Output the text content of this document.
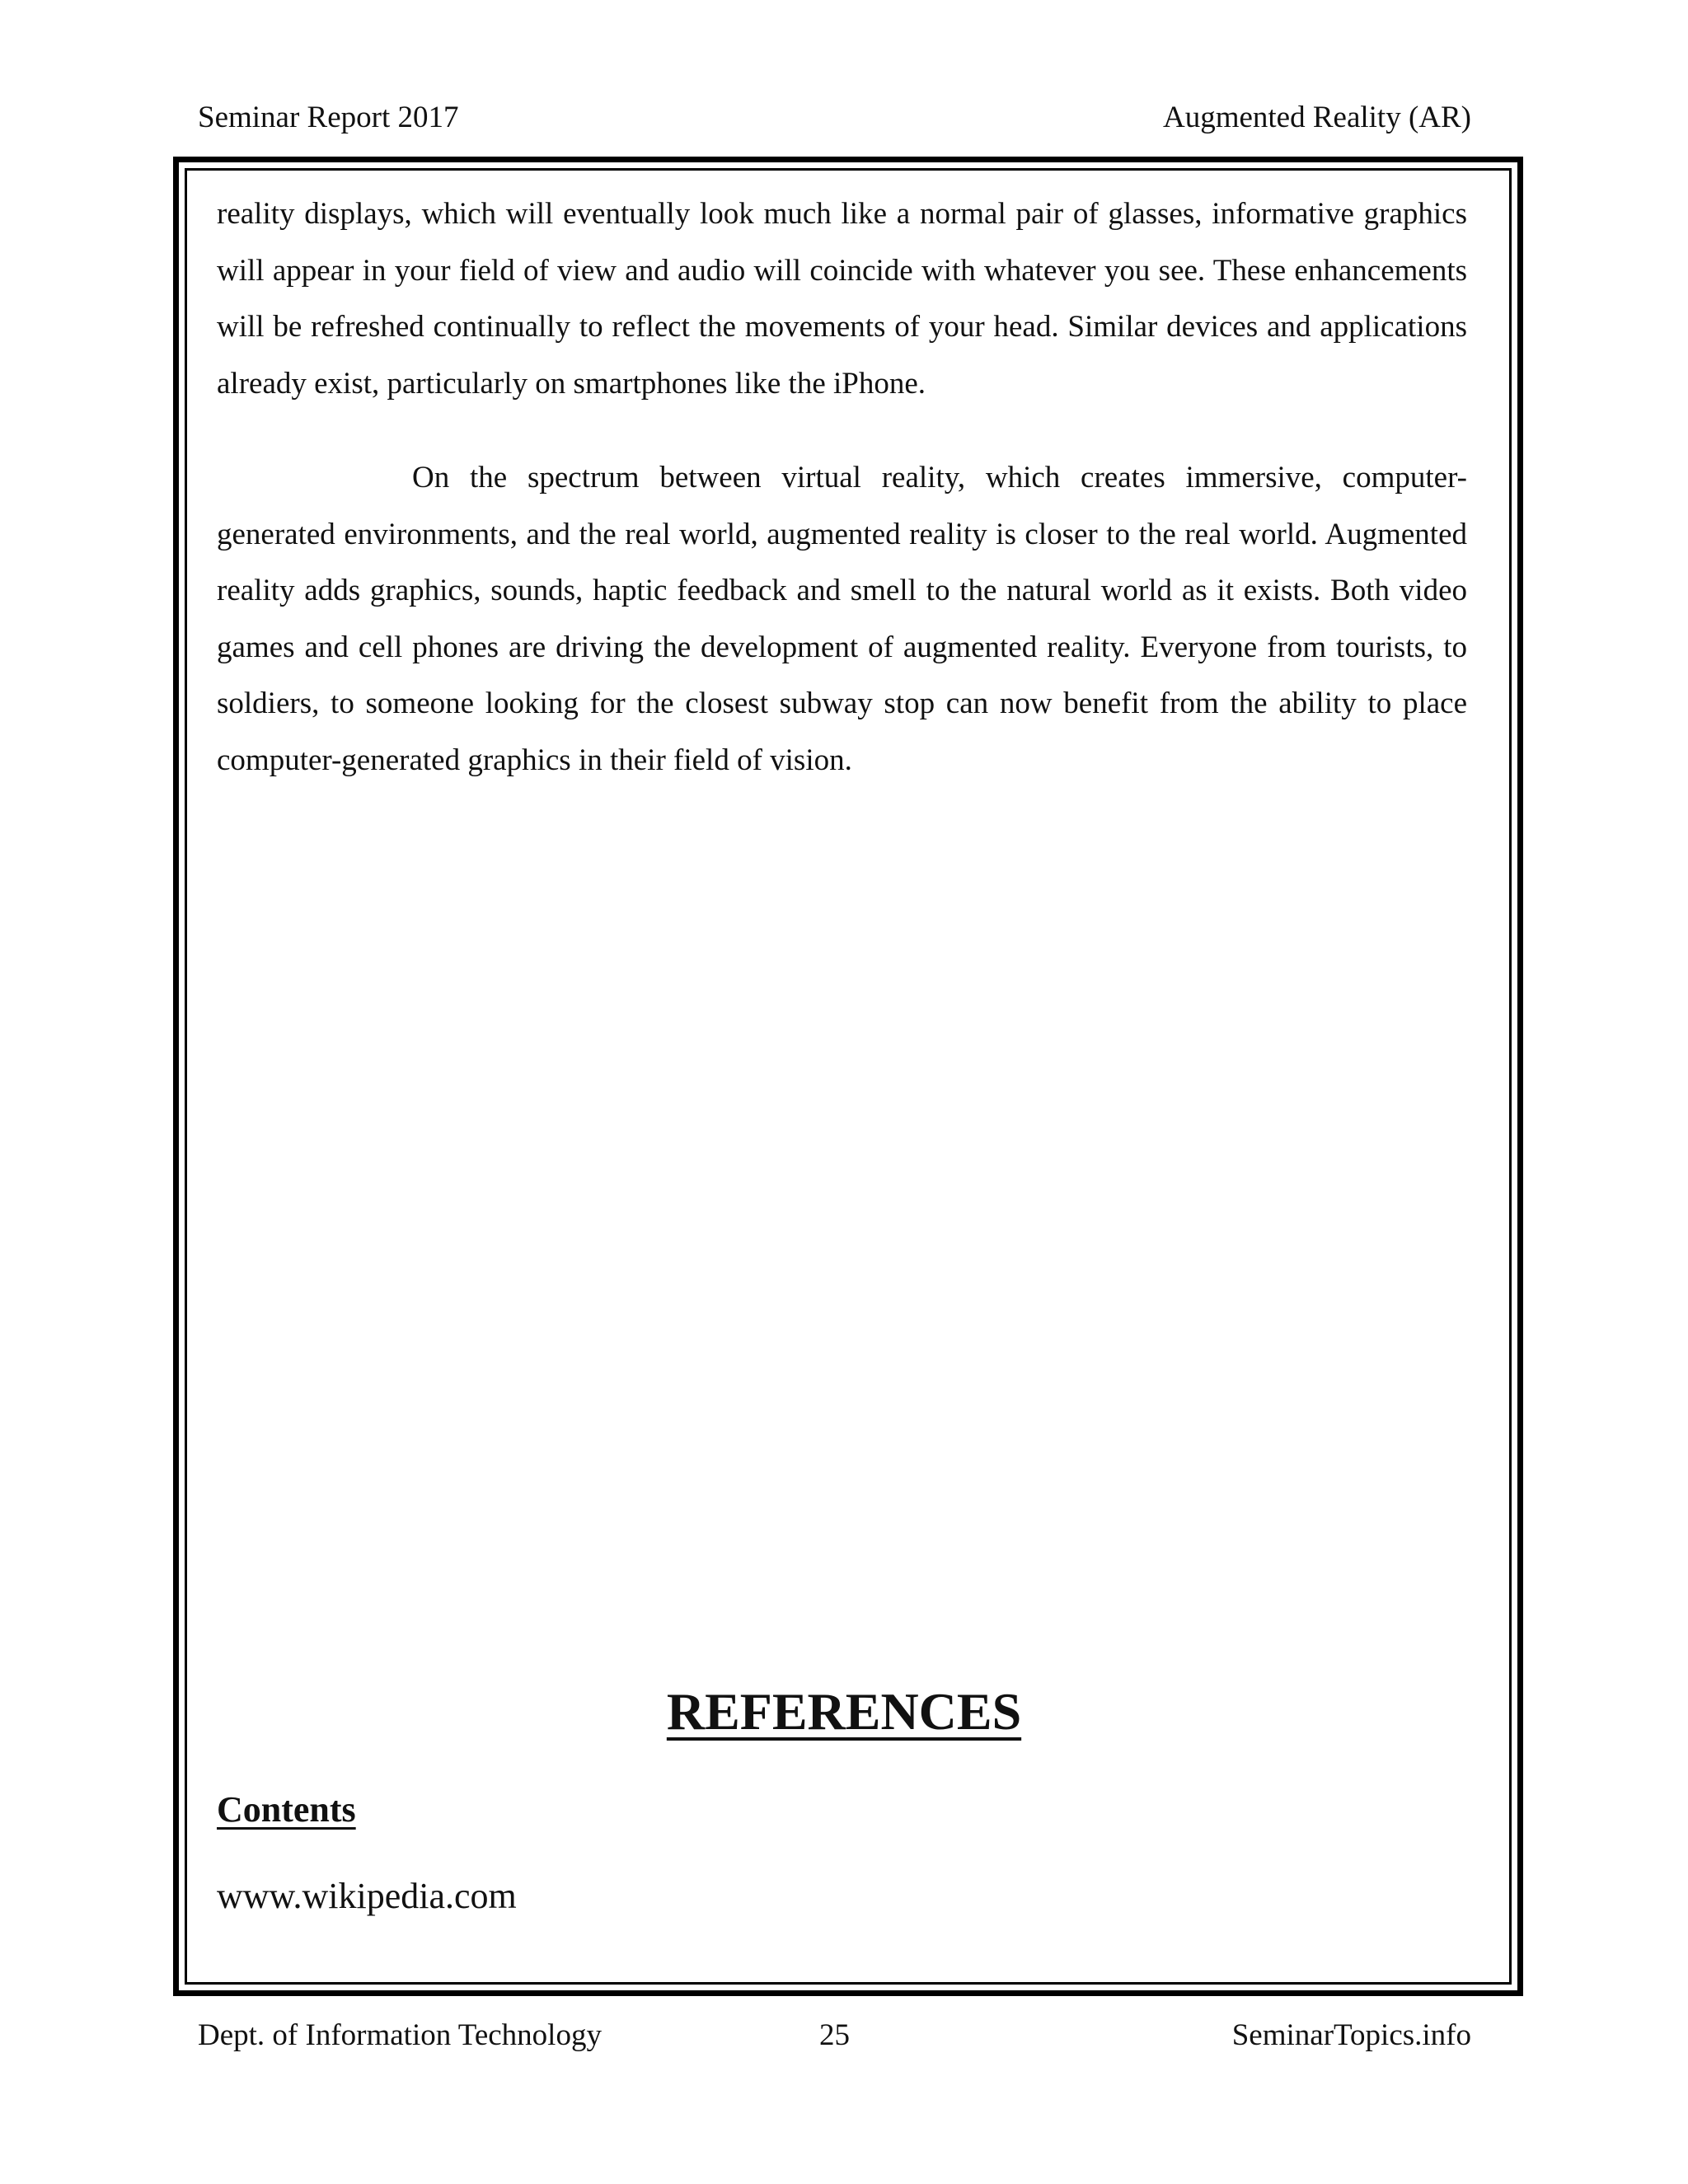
Seminar Report 2017	Augmented Reality (AR)

reality displays, which will eventually look much like a normal pair of glasses, informative graphics will appear in your field of view and audio will coincide with whatever you see. These enhancements will be refreshed continually to reflect the movements of your head. Similar devices and applications already exist, particularly on smartphones like the iPhone.

On the spectrum between virtual reality, which creates immersive, computer-generated environments, and the real world, augmented reality is closer to the real world. Augmented reality adds graphics, sounds, haptic feedback and smell to the natural world as it exists. Both video games and cell phones are driving the development of augmented reality. Everyone from tourists, to soldiers, to someone looking for the closest subway stop can now benefit from the ability to place computer-generated graphics in their field of vision.

REFERENCES
Contents

www.wikipedia.com

Dept. of Information Technology	25	SeminarTopics.info
